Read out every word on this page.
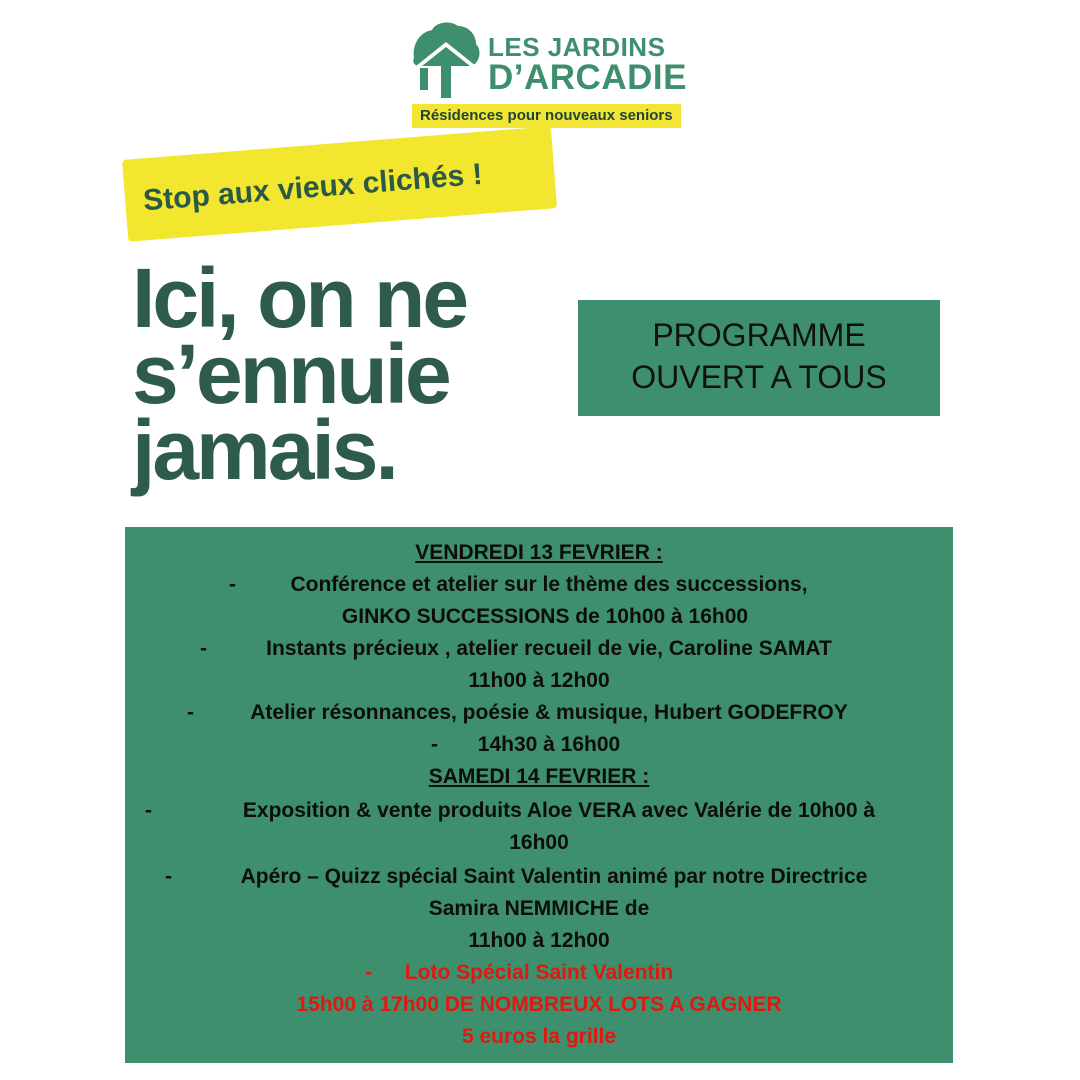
LES JARDINS
D’ARCADIE
Résidences pour nouveaux seniors
Stop aux vieux clichés !
Ici, on ne
s’ennuie
jamais.
PROGRAMME
OUVERT A TOUS
VENDREDI 13 FEVRIER :
-	Conférence et atelier sur le thème des successions,
GINKO SUCCESSIONS de 10h00 à 16h00
-	Instants précieux , atelier recueil de vie, Caroline SAMAT
11h00 à 12h00
-	Atelier résonnances, poésie & musique, Hubert GODEFROY
-	14h30 à 16h00
SAMEDI 14 FEVRIER :
-	Exposition & vente produits Aloe VERA avec Valérie de 10h00 à
16h00
-	Apéro – Quizz spécial Saint Valentin animé par notre Directrice
Samira NEMMICHE de
11h00 à 12h00
-	Loto Spécial Saint Valentin
15h00 à 17h00 DE NOMBREUX LOTS A GAGNER
5 euros la grille
